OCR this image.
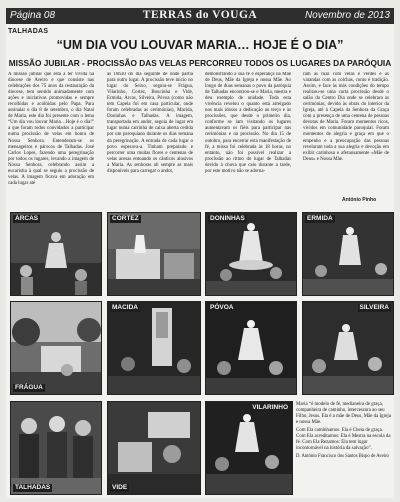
Página 08	TERRAS do VOUGA	Novembro de 2013
TALHADAS
“UM DIA VOU LOUVAR MARIA… HOJE É O DIA”
MISSÃO JUBILAR - PROCISSÃO DAS VELAS PERCORREU TODOS OS LUGARES DA PARÓQUIA

A missão jubilar que está a ter vivida na diocese de Aveiro e que consiste nas celebrações dos 75 anos da restauração da diocese, tem sentido animadamente com ações e iniciativas promovidas e sempre recolhidas e acolhidas pelo Papa. Para assinalar o dia 8 de setembro, o dia Natal de Maria, este dia foi presente com o lema “Um dia vou louvar Maria…Hoje é o dia!” a que foram todos convidados a participar numa procissão de velas em honra de Nossa Senhora. Entenderam-se os mensageiros e párocos de Talhadas. José Carlos Lopes, fazendo uma peregrinação por todos os lugares, levando a imagem de Nossa Senhora, celebrando assim a eucaristia à qual se seguiu a procissão de velas. A imagem ficava em adoração em cada lugar até

às 18h30 do dia seguinte de onde partia para outro lugar. A procissão teve início no lugar do Seixo, seguiu-se Frágua, Vilarinho, Cortez, Boucinha e Vide, Ermida, Arcas, Silveira, Póvoa (como não tem Capela foi em casa particular, onde foram celebradas as cerimónias), Macida, Doninhas e Talhadas. A imagem, transportada em andor, seguia de lugar em lugar numa carrinha de caixa aberta cedida por um paroquiano durante os dias semana da peregrinação. A entrada de cada lugar o povo esperava-a. Tinham preparado e percorrer uma muitas flores e centenas de velas acesas entoando os cânticos alusivos a Maria. As senhoras ali sempre as mais disponíveis para carregar o andor,

demonstrando a sua fé e esperança na Mãe de Deus, Mãe da Igreja e nossa Mãe. Ao longo de duas semanas o povo da paróquia de Talhadas encontrou-se e Maria, mestra e deu exemplo de unidade. Toda esta vivência revelou o quanto está arreigado nos mais idosos a dedicação ao terço e às procissões, que desde o primeiro dia, conforme se iam visitando os lugares aumentavam os fiéis para participar nas cerimónias e na procissão. No dia 15 de outubro, para encerrar esta manifestação de fé, a missa foi celebrada às 18 horas, no entanto, não foi possível realizar a procissão ao ritmo do lugar de Talhadas devido à chuva que caiu durante a tarde, por este motivo não se adorna-

ram as ruas com velas e verdes e as varandas com as colchas, como é tradição. Assim, e face às más condições do tempo realizou-se uma curta procissão desde o salão do Centro Dia onde se celebrara as cerimónias, devido às obras do interior da Igreja, até à Capela da Senhora da Graça com a presença de uma centena de pessoas devotas de Maria. Foram momentos ricos, vividos em comunidade paroquial. Foram momentos de alegria e graça em que o empenho e a preocupação das pessoas revelaram toda a sua alegria e devoção em exibir carinhosa e afetuosamente «Mãe de Deus» e Nossa Mãe.

António Pinho
ARCAS	CORTEZ	DONINHAS	ERMIDA
FRÁGUA
MACIDA	PÓVOA	SILVEIRA
TALHADAS	VIDE
VILARINHO	Maria “é modelo de fé, medianeira de graça, companheira de caminho, intercessora ao seu Filho, Jesus. Ela é a mãe de Deus, Mãe da Igreja e nossa Mãe.

Com Ela caminhamos. Ela é Cheia de graça. Com Ela acreditamos: Ela é Mestra na escola da fé. Com Ela Rezamos: Ela tem lugar incontornável na história da salvação”.

D. António Francisco dos Santos Bispo de Aveiro
